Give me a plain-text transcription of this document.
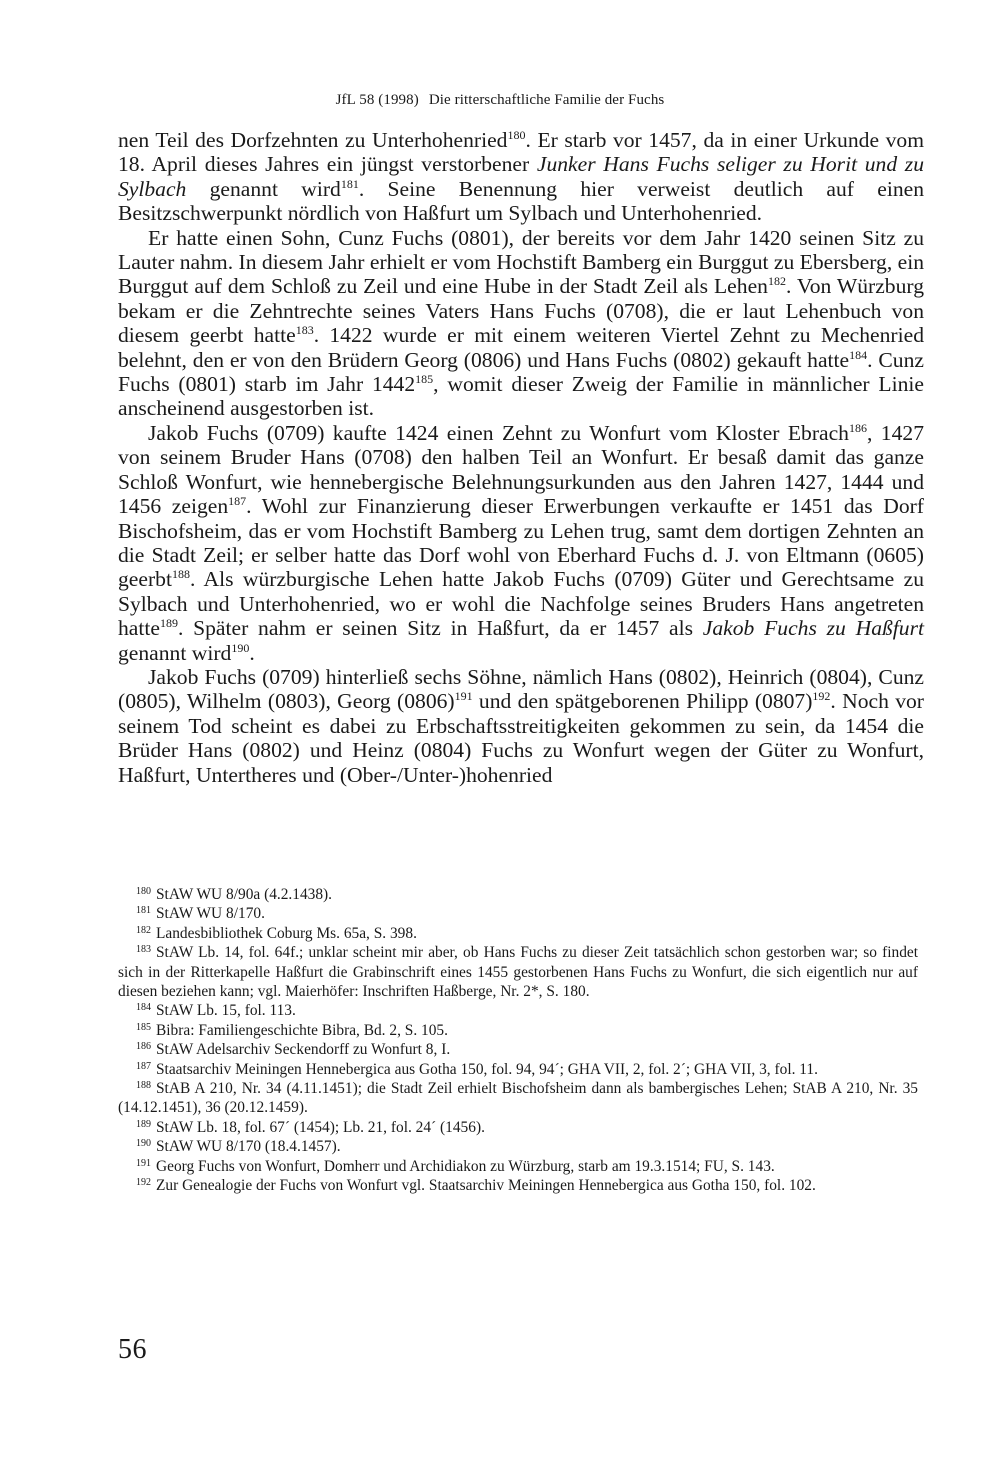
JfL 58 (1998) Die ritterschaftliche Familie der Fuchs

nen Teil des Dorfzehnten zu Unterhohenried$^{180}$. Er starb vor 1457, da in einer Urkunde vom 18. April dieses Jahres ein jüngst verstorbener Junker Hans Fuchs seliger zu Horit und zu Sylbach genannt wird$^{181}$. Seine Benennung hier verweist deutlich auf einen Besitzschwerpunkt nördlich von Haßfurt um Sylbach und Unterhohenried.

Er hatte einen Sohn, Cunz Fuchs (0801), der bereits vor dem Jahr 1420 seinen Sitz zu Lauter nahm. In diesem Jahr erhielt er vom Hochstift Bamberg ein Burggut zu Ebersberg, ein Burggut auf dem Schloß zu Zeil und eine Hube in der Stadt Zeil als Lehen$^{182}$. Von Würzburg bekam er die Zehntrechte seines Vaters Hans Fuchs (0708), die er laut Lehenbuch von diesem geerbt hatte$^{183}$. 1422 wurde er mit einem weiteren Viertel Zehnt zu Mechenried belehnt, den er von den Brüdern Georg (0806) und Hans Fuchs (0802) gekauft hatte$^{184}$. Cunz Fuchs (0801) starb im Jahr 1442$^{185}$, womit dieser Zweig der Familie in männlicher Linie anscheinend ausgestorben ist.

Jakob Fuchs (0709) kaufte 1424 einen Zehnt zu Wonfurt vom Kloster Ebrach$^{186}$, 1427 von seinem Bruder Hans (0708) den halben Teil an Wonfurt. Er besaß damit das ganze Schloß Wonfurt, wie hennebergische Belehnungsurkunden aus den Jahren 1427, 1444 und 1456 zeigen$^{187}$. Wohl zur Finanzierung dieser Erwerbungen verkaufte er 1451 das Dorf Bischofsheim, das er vom Hochstift Bamberg zu Lehen trug, samt dem dortigen Zehnten an die Stadt Zeil; er selber hatte das Dorf wohl von Eberhard Fuchs d. J. von Eltmann (0605) geerbt$^{188}$. Als würzburgische Lehen hatte Jakob Fuchs (0709) Güter und Gerechtsame zu Sylbach und Unterhohenried, wo er wohl die Nachfolge seines Bruders Hans angetreten hatte$^{189}$. Später nahm er seinen Sitz in Haßfurt, da er 1457 als Jakob Fuchs zu Haßfurt genannt wird$^{190}$.

Jakob Fuchs (0709) hinterließ sechs Söhne, nämlich Hans (0802), Heinrich (0804), Cunz (0805), Wilhelm (0803), Georg (0806)$^{191}$ und den spätgeborenen Philipp (0807)$^{192}$. Noch vor seinem Tod scheint es dabei zu Erbschaftsstreitigkeiten gekommen zu sein, da 1454 die Brüder Hans (0802) und Heinz (0804) Fuchs zu Wonfurt wegen der Güter zu Wonfurt, Haßfurt, Untertheres und (Ober-/Unter-)hohenried

$^{180}$ StAW WU 8/90a (4.2.1438).

$^{181}$ StAW WU 8/170.

$^{182}$ Landesbibliothek Coburg Ms. 65a, S. 398.

$^{183}$ StAW Lb. 14, fol. 64f.; unklar scheint mir aber, ob Hans Fuchs zu dieser Zeit tatsächlich schon gestorben war; so findet sich in der Ritterkapelle Haßfurt die Grabinschrift eines 1455 gestorbenen Hans Fuchs zu Wonfurt, die sich eigentlich nur auf diesen beziehen kann; vgl. Maierhöfer: Inschriften Haßberge, Nr. 2*, S. 180.

$^{184}$ StAW Lb. 15, fol. 113.

$^{185}$ Bibra: Familiengeschichte Bibra, Bd. 2, S. 105.

$^{186}$ StAW Adelsarchiv Seckendorff zu Wonfurt 8, I.

$^{187}$ Staatsarchiv Meiningen Hennebergica aus Gotha 150, fol. 94, 94´; GHA VII, 2, fol. 2´; GHA VII, 3, fol. 11.

$^{188}$ StAB A 210, Nr. 34 (4.11.1451); die Stadt Zeil erhielt Bischofsheim dann als bambergisches Lehen; StAB A 210, Nr. 35 (14.12.1451), 36 (20.12.1459).

$^{189}$ StAW Lb. 18, fol. 67´ (1454); Lb. 21, fol. 24´ (1456).

$^{190}$ StAW WU 8/170 (18.4.1457).

$^{191}$ Georg Fuchs von Wonfurt, Domherr und Archidiakon zu Würzburg, starb am 19.3.1514; FU, S. 143.

$^{192}$ Zur Genealogie der Fuchs von Wonfurt vgl. Staatsarchiv Meiningen Hennebergica aus Gotha 150, fol. 102.

56
